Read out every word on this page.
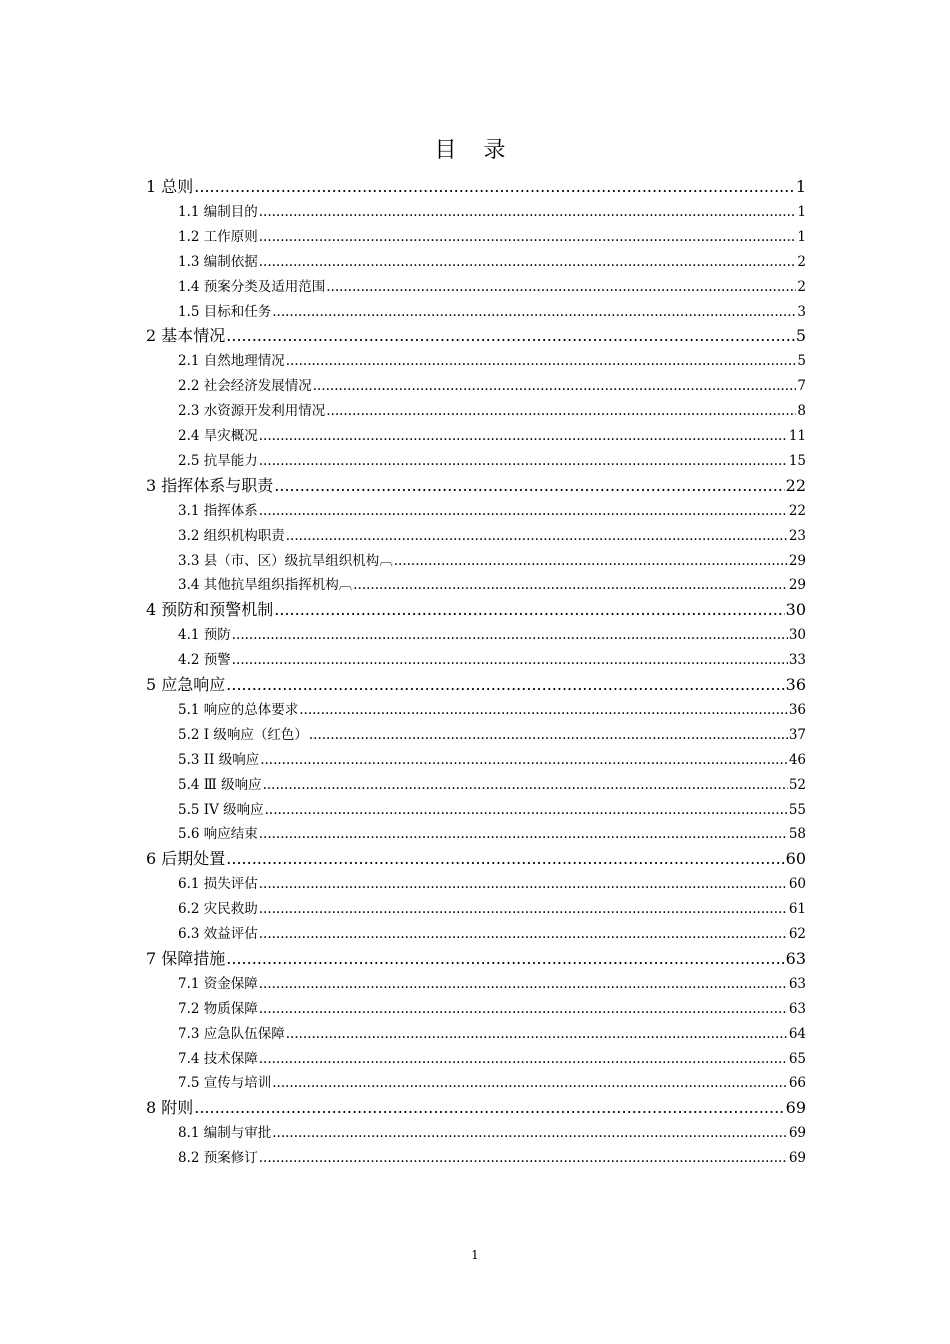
目 录
1 总则 .....	1
1.1 编制目的 .....	1
1.2 工作原则 .....	1
1.3 编制依据 .....	2
1.4 预案分类及适用范围 .....	2
1.5 目标和任务 .....	3
2 基本情况 .....	5
2.1 自然地理情况 .....	5
2.2 社会经济发展情况 .....	7
2.3 水资源开发利用情况 .....	8
2.4 旱灾概况 .....	11
2.5 抗旱能力 .....	15
3 指挥体系与职责 .....	22
3.1 指挥体系 .....	22
3.2 组织机构职责 .....	23
3.3 县（市、区）级抗旱组织机构︹ .....	29
3.4 其他抗旱组织指挥机构︹ .....	29
4 预防和预警机制 .....	30
4.1 预防 .....	30
4.2 预警 .....	33
5 应急响应 .....	36
5.1 响应的总体要求 .....	36
5.2 I 级响应（红色） .....	37
5.3 II 级响应 .....	46
5.4 Ⅲ 级响应 .....	52
5.5 IV 级响应 .....	55
5.6 响应结束 .....	58
6 后期处置 .....	60
6.1 损失评估 .....	60
6.2 灾民救助 .....	61
6.3 效益评估 .....	62
7 保障措施 .....	63
7.1 资金保障 .....	63
7.2 物质保障 .....	63
7.3 应急队伍保障 .....	64
7.4 技术保障 .....	65
7.5 宣传与培训 .....	66
8 附则 .....	69
8.1 编制与审批 .....	69
8.2 预案修订 .....	69
1
